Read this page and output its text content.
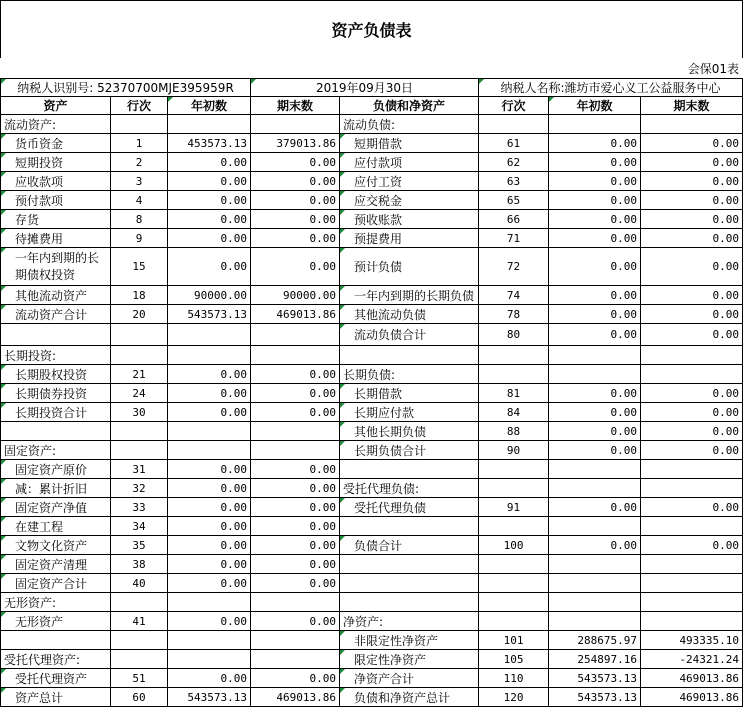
资产负债表
会保01表
纳税人识别号: 52370700MJE395959R			2019年09月30日		纳税人名称:潍坊市爱心义工公益服务中心		
资产	行次	年初数	期末数	负债和净资产	行次	年初数	期末数
流动资产:				流动负债:			
货币资金	1	453573.13	379013.86	短期借款	61	0.00	0.00
短期投资	2	0.00	0.00	应付款项	62	0.00	0.00
应收款项	3	0.00	0.00	应付工资	63	0.00	0.00
预付款项	4	0.00	0.00	应交税金	65	0.00	0.00
存货	8	0.00	0.00	预收账款	66	0.00	0.00
待摊费用	9	0.00	0.00	预提费用	71	0.00	0.00
一年内到期的长期债权投资	15	0.00	0.00	预计负债	72	0.00	0.00
其他流动资产	18	90000.00	90000.00	一年内到期的长期负债	74	0.00	0.00
流动资产合计	20	543573.13	469013.86	其他流动负债	78	0.00	0.00
				流动负债合计	80	0.00	0.00
长期投资:							
长期股权投资	21	0.00	0.00	长期负债:			
长期债券投资	24	0.00	0.00	长期借款	81	0.00	0.00
长期投资合计	30	0.00	0.00	长期应付款	84	0.00	0.00
				其他长期负债	88	0.00	0.00
固定资产:				长期负债合计	90	0.00	0.00
固定资产原价	31	0.00	0.00				
减：累计折旧	32	0.00	0.00	受托代理负债:			
固定资产净值	33	0.00	0.00	受托代理负债	91	0.00	0.00
在建工程	34	0.00	0.00				
文物文化资产	35	0.00	0.00	负债合计	100	0.00	0.00
固定资产清理	38	0.00	0.00				
固定资产合计	40	0.00	0.00				
无形资产:							
无形资产	41	0.00	0.00	净资产:			
				非限定性净资产	101	288675.97	493335.10
受托代理资产:				限定性净资产	105	254897.16	-24321.24
受托代理资产	51	0.00	0.00	净资产合计	110	543573.13	469013.86
资产总计	60	543573.13	469013.86	负债和净资产总计	120	543573.13	469013.86
